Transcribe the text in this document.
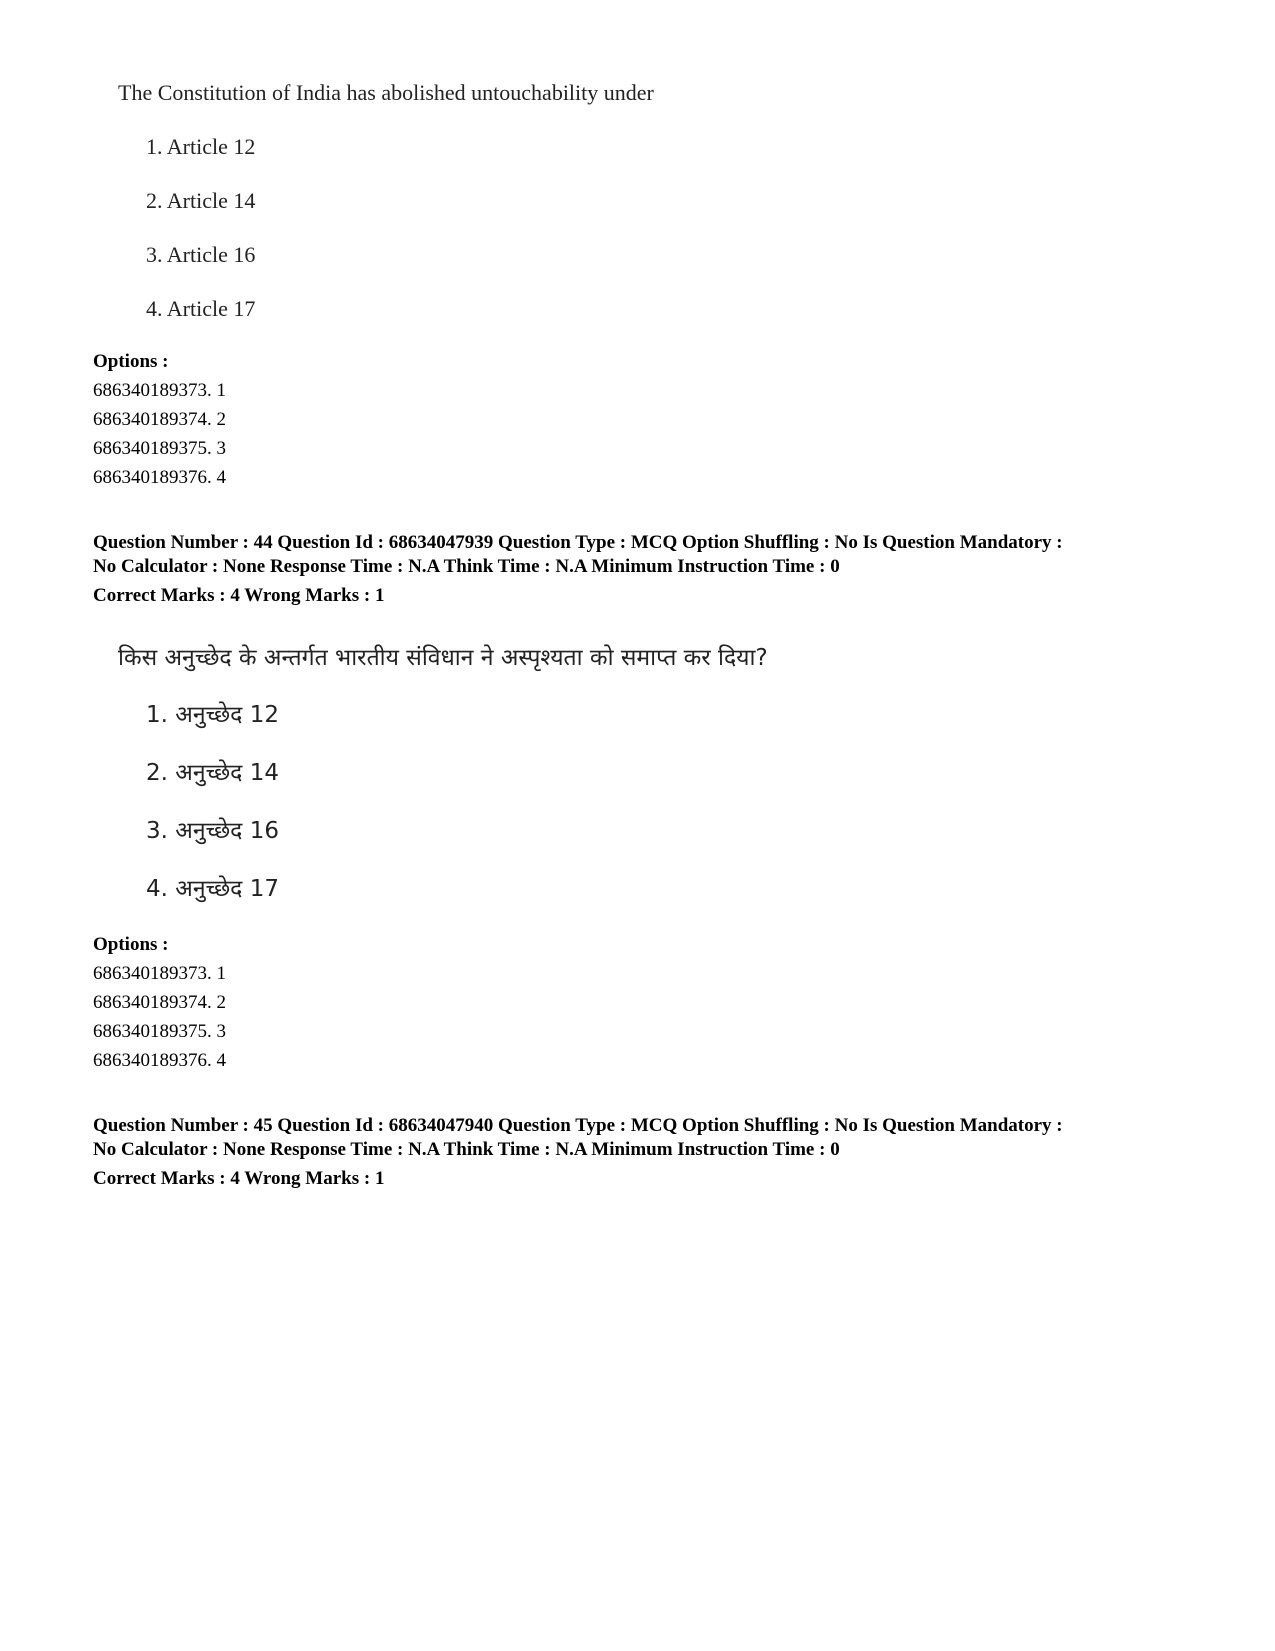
The Constitution of India has abolished untouchability under
1. Article 12
2. Article 14
3. Article 16
4. Article 17
Options :
686340189373. 1
686340189374. 2
686340189375. 3
686340189376. 4
Question Number : 44 Question Id : 68634047939 Question Type : MCQ Option Shuffling : No Is Question Mandatory :
No Calculator : None Response Time : N.A Think Time : N.A Minimum Instruction Time : 0
Correct Marks : 4 Wrong Marks : 1
किस अनुच्छेद के अन्तर्गत भारतीय संविधान ने अस्पृश्यता को समाप्त कर दिया?
1. अनुच्छेद 12
2. अनुच्छेद 14
3. अनुच्छेद 16
4. अनुच्छेद 17
Options :
686340189373. 1
686340189374. 2
686340189375. 3
686340189376. 4
Question Number : 45 Question Id : 68634047940 Question Type : MCQ Option Shuffling : No Is Question Mandatory :
No Calculator : None Response Time : N.A Think Time : N.A Minimum Instruction Time : 0
Correct Marks : 4 Wrong Marks : 1
